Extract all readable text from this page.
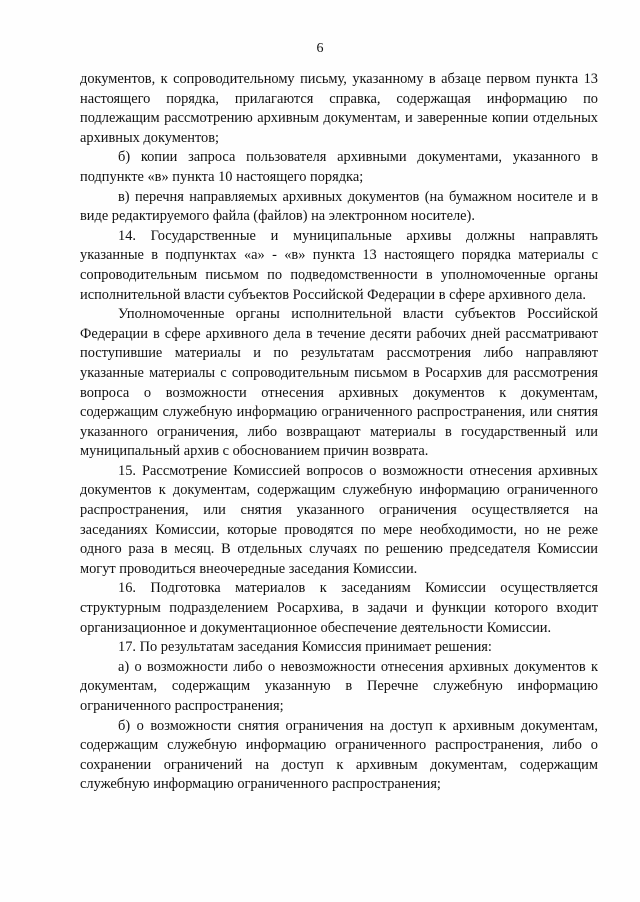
6

документов, к сопроводительному письму, указанному в абзаце первом пункта 13 настоящего порядка, прилагаются справка, содержащая информацию по подлежащим рассмотрению архивным документам, и заверенные копии отдельных архивных документов;

б) копии запроса пользователя архивными документами, указанного в подпункте «в» пункта 10 настоящего порядка;

в) перечня направляемых архивных документов (на бумажном носителе и в виде редактируемого файла (файлов) на электронном носителе).

14. Государственные и муниципальные архивы должны направлять указанные в подпунктах «а» - «в» пункта 13 настоящего порядка материалы с сопроводительным письмом по подведомственности в уполномоченные органы исполнительной власти субъектов Российской Федерации в сфере архивного дела.

Уполномоченные органы исполнительной власти субъектов Российской Федерации в сфере архивного дела в течение десяти рабочих дней рассматривают поступившие материалы и по результатам рассмотрения либо направляют указанные материалы с сопроводительным письмом в Росархив для рассмотрения вопроса о возможности отнесения архивных документов к документам, содержащим служебную информацию ограниченного распространения, или снятия указанного ограничения, либо возвращают материалы в государственный или муниципальный архив с обоснованием причин возврата.

15. Рассмотрение Комиссией вопросов о возможности отнесения архивных документов к документам, содержащим служебную информацию ограниченного распространения, или снятия указанного ограничения осуществляется на заседаниях Комиссии, которые проводятся по мере необходимости, но не реже одного раза в месяц. В отдельных случаях по решению председателя Комиссии могут проводиться внеочередные заседания Комиссии.

16. Подготовка материалов к заседаниям Комиссии осуществляется структурным подразделением Росархива, в задачи и функции которого входит организационное и документационное обеспечение деятельности Комиссии.

17. По результатам заседания Комиссия принимает решения:

а) о возможности либо о невозможности отнесения архивных документов к документам, содержащим указанную в Перечне служебную информацию ограниченного распространения;

б) о возможности снятия ограничения на доступ к архивным документам, содержащим служебную информацию ограниченного распространения, либо о сохранении ограничений на доступ к архивным документам, содержащим служебную информацию ограниченного распространения;
